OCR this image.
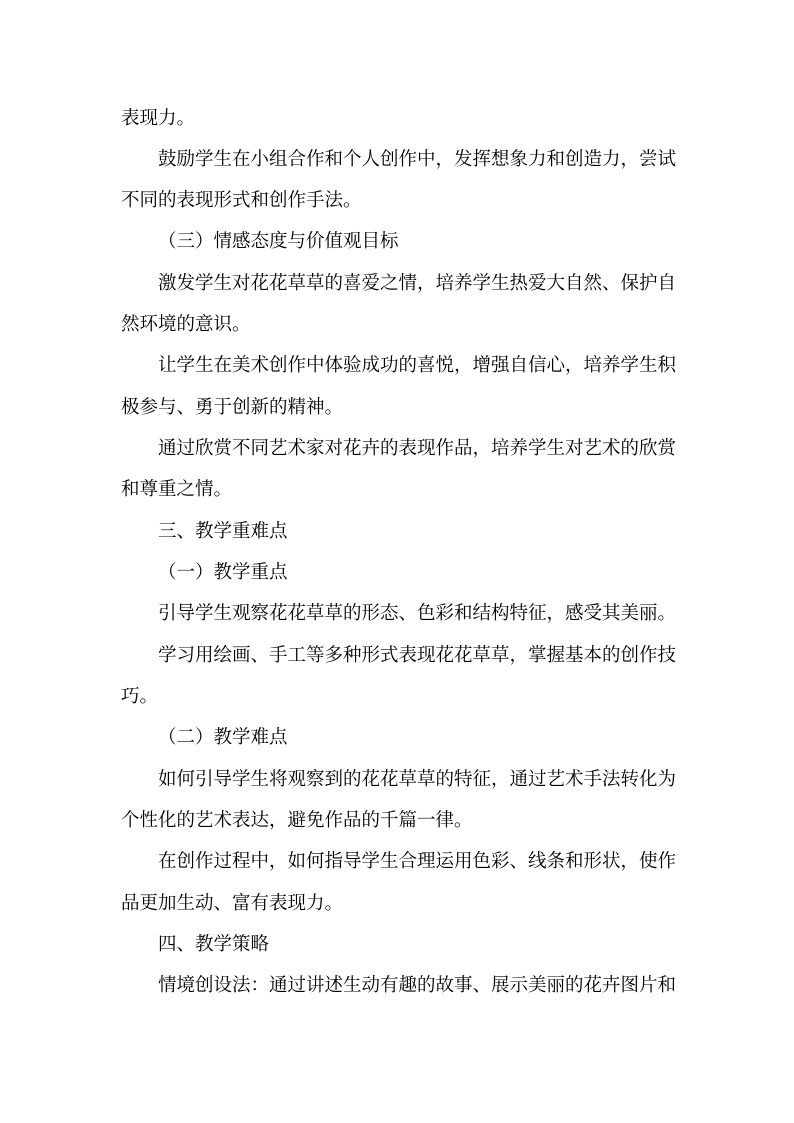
表现力。

鼓励学生在小组合作和个人创作中，发挥想象力和创造力，尝试

不同的表现形式和创作手法。

（三）情感态度与价值观目标

激发学生对花花草草的喜爱之情，培养学生热爱大自然、保护自

然环境的意识。

让学生在美术创作中体验成功的喜悦，增强自信心，培养学生积

极参与、勇于创新的精神。

通过欣赏不同艺术家对花卉的表现作品，培养学生对艺术的欣赏

和尊重之情。

三、教学重难点

（一）教学重点

引导学生观察花花草草的形态、色彩和结构特征，感受其美丽。

学习用绘画、手工等多种形式表现花花草草，掌握基本的创作技

巧。

（二）教学难点

如何引导学生将观察到的花花草草的特征，通过艺术手法转化为

个性化的艺术表达，避免作品的千篇一律。

在创作过程中，如何指导学生合理运用色彩、线条和形状，使作

品更加生动、富有表现力。

四、教学策略

情境创设法：通过讲述生动有趣的故事、展示美丽的花卉图片和
